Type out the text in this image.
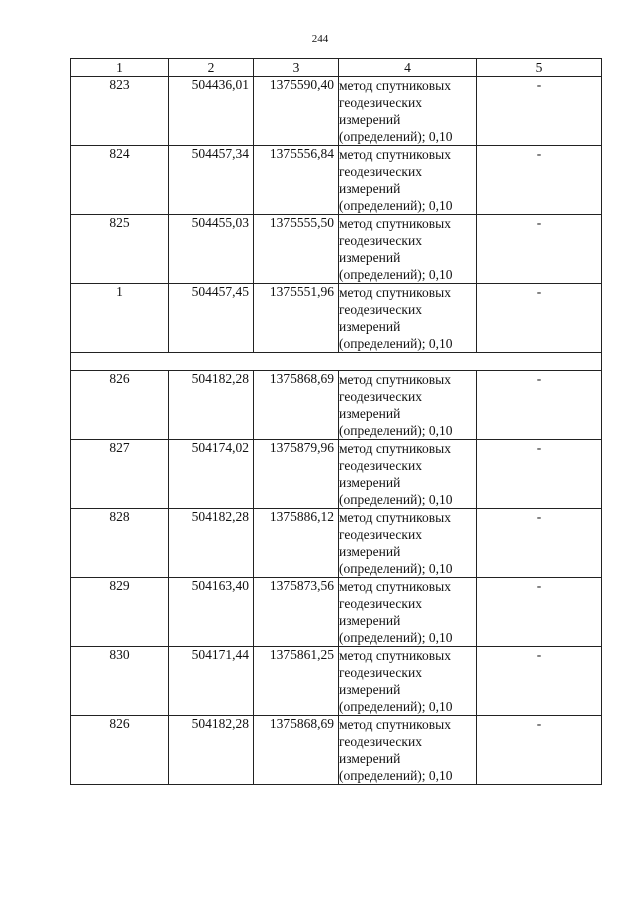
244
1	2	3	4	5
823	504436,01	1375590,40	метод спутниковых геодезических измерений (определений); 0,10	-
824	504457,34	1375556,84	метод спутниковых геодезических измерений (определений); 0,10	-
825	504455,03	1375555,50	метод спутниковых геодезических измерений (определений); 0,10	-
1	504457,45	1375551,96	метод спутниковых геодезических измерений (определений); 0,10	-

826	504182,28	1375868,69	метод спутниковых геодезических измерений (определений); 0,10	-
827	504174,02	1375879,96	метод спутниковых геодезических измерений (определений); 0,10	-
828	504182,28	1375886,12	метод спутниковых геодезических измерений (определений); 0,10	-
829	504163,40	1375873,56	метод спутниковых геодезических измерений (определений); 0,10	-
830	504171,44	1375861,25	метод спутниковых геодезических измерений (определений); 0,10	-
826	504182,28	1375868,69	метод спутниковых геодезических измерений (определений); 0,10	-
